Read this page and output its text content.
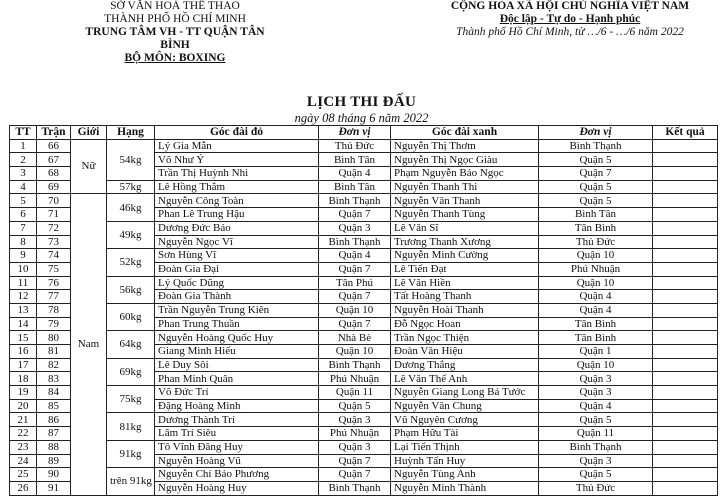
SỞ VĂN HOÁ THỂ THAO
THÀNH PHỐ HỒ CHÍ MINH
TRUNG TÂM VH - TT QUẬN TÂN BÌNH
BỘ MÔN: BOXING
CỘNG HÒA XÃ HỘI CHỦ NGHĨA VIỆT NAM
Độc lập - Tự do - Hạnh phúc
Thành phố Hồ Chí Minh, từ …/6 - …/6 năm 2022
LỊCH THI ĐẤU
ngày 08 tháng 6 năm 2022
TT	Trận	Giới	Hạng	Góc đài đỏ	Đơn vị	Góc đài xanh	Đơn vị	Kết quả
1	66	Nữ	54kg	Lý Gia Mẫn	Thủ Đức	Nguyễn Thị Thơm	Bình Thạnh	
2	67			Võ Như Ý	Bình Tân	Nguyễn Thị Ngọc Giàu	Quận 5	
3	68			Trần Thị Huỳnh Nhi	Quận 4	Phạm Nguyễn Bảo Ngọc	Quận 7	
4	69		57kg	Lê Hồng Thắm	Bình Tân	Nguyễn Thanh Thi	Quận 5	
5	70	Nam	46kg	Nguyễn Công Toàn	Bình Thạnh	Nguyễn Văn Thanh	Quận 5	
6	71			Phan Lê Trung Hậu	Quận 7	Nguyễn Thanh Tùng	Bình Tân	
7	72		49kg	Dương Đức Bảo	Quận 3	Lê Văn Sĩ	Tân Bình	
8	73			Nguyễn Ngọc Vĩ	Bình Thạnh	Trương Thanh Xương	Thủ Đức	
9	74		52kg	Sơn Hùng Vĩ	Quận 4	Nguyễn Minh Cường	Quận 10	
10	75			Đoàn Gia Đại	Quận 7	Lê Tiến Đạt	Phú Nhuận	
11	76		56kg	Lý Quốc Dũng	Tân Phú	Lê Văn Hiền	Quận 10	
12	77			Đoàn Gia Thành	Quận 7	Tất Hoàng Thanh	Quận 4	
13	78		60kg	Trần Nguyễn Trung Kiên	Quận 10	Nguyễn Hoài Thanh	Quận 4	
14	79			Phan Trung Thuần	Quận 7	Đỗ Ngọc Hoan	Tân Bình	
15	80		64kg	Nguyễn Hoàng Quốc Huy	Nhà Bè	Trần Ngọc Thiện	Tân Bình	
16	81			Giang Minh Hiếu	Quận 10	Đoàn Văn Hiệu	Quận 1	
17	82		69kg	Lê Duy Sôi	Bình Thạnh	Dương Thắng	Quận 10	
18	83			Phan Minh Quân	Phú Nhuận	Lê Văn Thế Anh	Quận 3	
19	84		75kg	Võ Đức Trí	Quận 11	Nguyễn Giang Long Bá Tước	Quận 3	
20	85			Đặng Hoàng Minh	Quận 5	Nguyễn Văn Chung	Quận 4	
21	86		81kg	Dương Thành Trí	Quận 3	Vũ Nguyên Cương	Quận 5	
22	87			Lâm Trí Siêu	Phú Nhuận	Phạm Hữu Tài	Quận 11	
23	88		91kg	Tô Vĩnh Đăng Huy	Quận 3	Lại Tiến Thịnh	Bình Thạnh	
24	89			Nguyễn Hoàng Vũ	Quận 7	Huỳnh Tấn Huy	Quận 3	
25	90		trên 91kg	Nguyễn Chí Bảo Phương	Quận 7	Nguyễn Tùng Anh	Quận 5	
26	91			Nguyễn Hoàng Huy	Bình Thạnh	Nguyễn Minh Thành	Thủ Đức	
